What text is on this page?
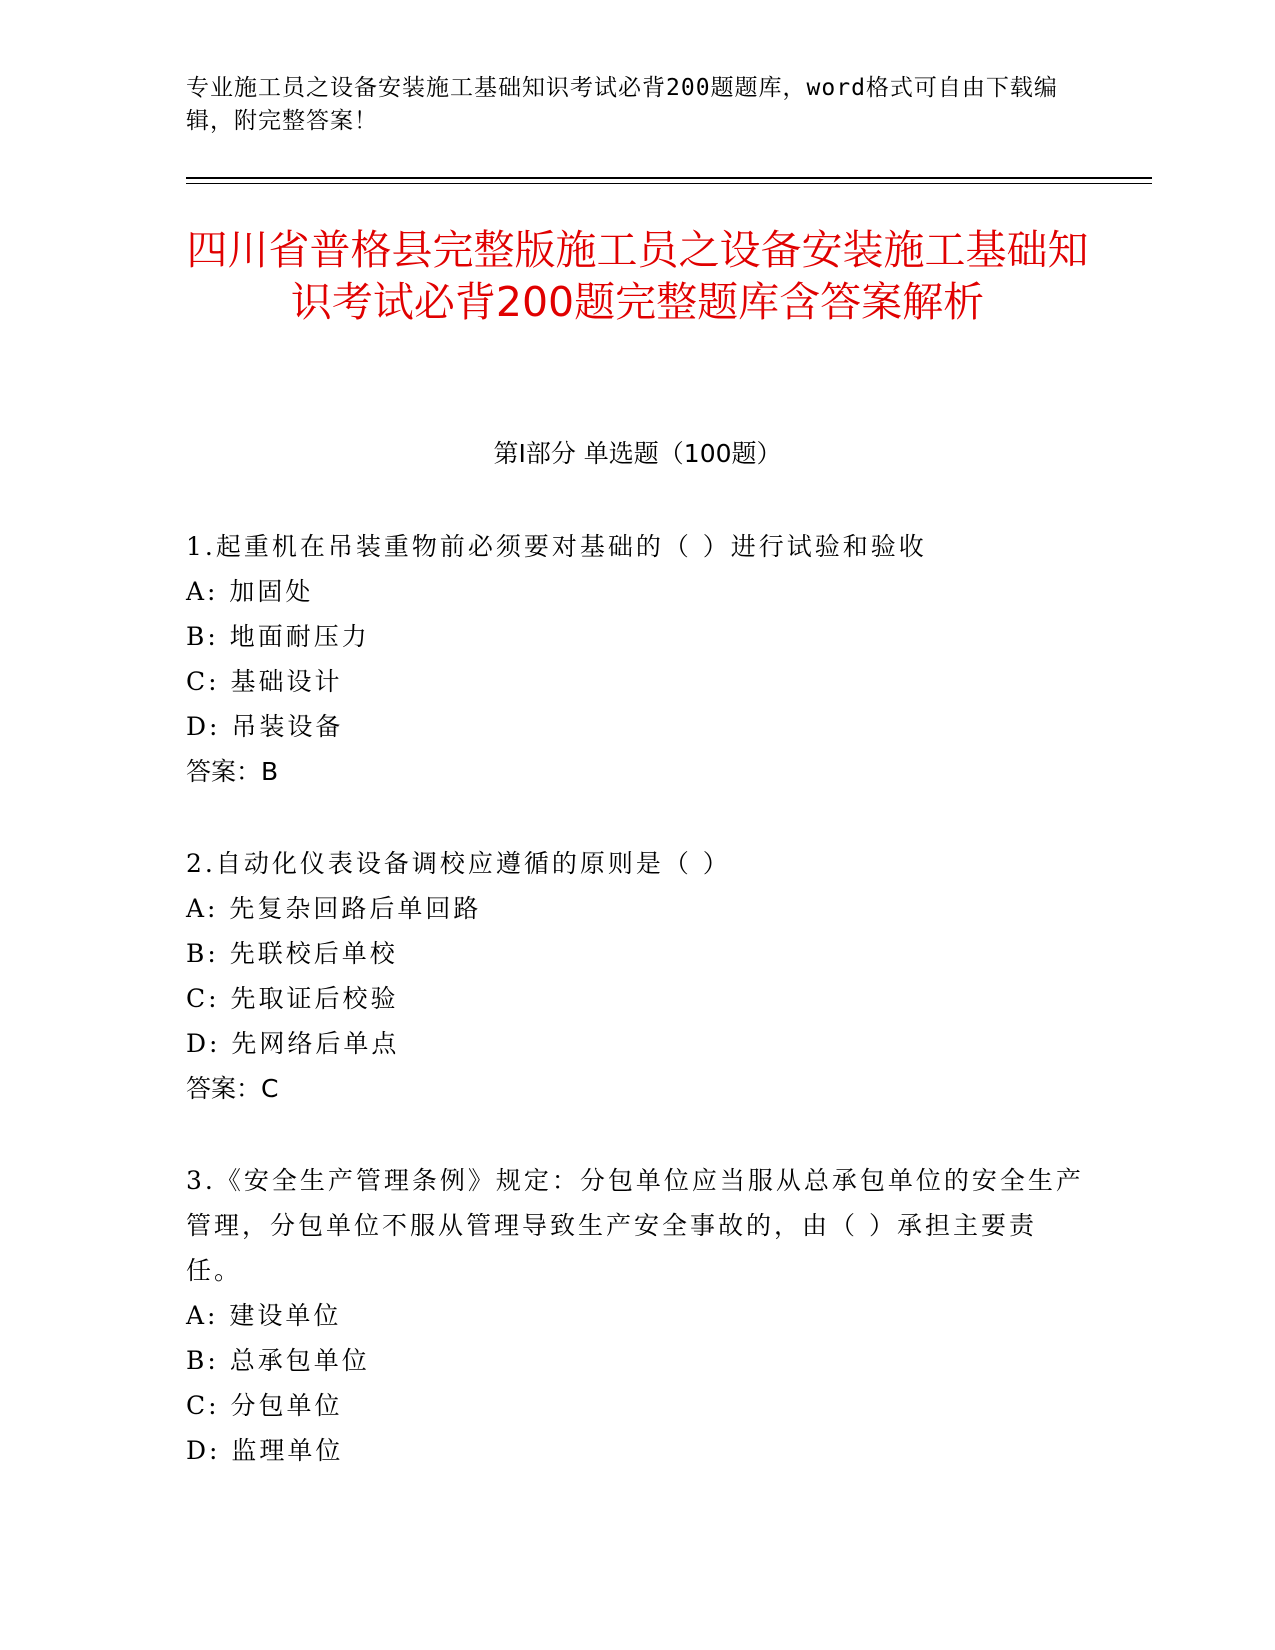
专业施工员之设备安装施工基础知识考试必背200题题库，word格式可自由下载编辑，附完整答案！
四川省普格县完整版施工员之设备安装施工基础知识考试必背200题完整题库含答案解析
第I部分 单选题（100题）

1.起重机在吊装重物前必须要对基础的（ ）进行试验和验收

A: 加固处

B: 地面耐压力

C: 基础设计

D: 吊装设备

答案：B

2.自动化仪表设备调校应遵循的原则是（ ）

A: 先复杂回路后单回路

B: 先联校后单校

C: 先取证后校验

D: 先网络后单点

答案：C

3.《安全生产管理条例》规定：分包单位应当服从总承包单位的安全生产管理，分包单位不服从管理导致生产安全事故的，由（ ）承担主要责任。

A: 建设单位

B: 总承包单位

C: 分包单位

D: 监理单位
